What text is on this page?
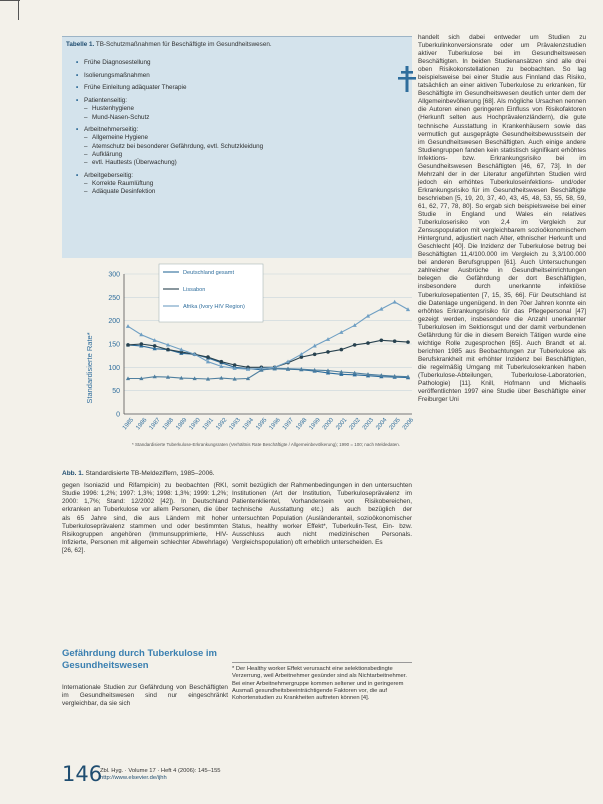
Tabelle 1. TB-Schutzmaßnahmen für Beschäftigte im Gesundheitswesen.
• Frühe Diagnosestellung
• Isolierungsmaßnahmen
• Frühe Einleitung adäquater Therapie
• Patientenseitig:
– Hustenhygiene
– Mund-Nasen-Schutz
• Arbeitnehmerseitig:
– Allgemeine Hygiene
– Atemschutz bei besonderer Gefährdung, evtl. Schutzkleidung
– Aufklärung
– evtl. Hauttests (Überwachung)
• Arbeitgeberseitig:
– Korrekte Raumlüftung
– Adäquate Desinfektion
0
50
100
150
200
250
300
1985 1986 1987 1988 1989 1990 1991 1992 1993 1994 1995 1996 1997 1998 1999 2000 2001 2002 2003 2004 2005 2006
Deutschland gesamt
Lissabon
Afrika (Ivory HIV Region)
Standardisierte Rate*
* Standardisierte Tuberkulose-Erkrankungsraten (Verhältnis Rate Beschäftigte / Allgemeinbevölkerung); 1990 = 100; nach Meldedaten.
Abb. 1. Standardisierte TB-Meldeziffern, 1985–2006.

gegen Isoniazid und Rifampicin) zu beobachten (RKI, Studie 1996: 1,2%; 1997: 1,3%; 1998: 1,3%; 1999: 1,2%; 2000: 1,7%; Stand: 12/2002 [42]). In Deutschland erkranken an Tuberkulose vor allem Personen, die über als 65 Jahre sind, die aus Ländern mit hoher Tuberkuloseprävalenz stammen und oder bestimmten Risikogruppen angehören (Immunsupprimierte, HIV-Infizierte, Personen mit allgemein schlechter Abwehrlage) [26, 62].

Gefährdung durch Tuberkulose im Gesundheitswesen

Internationale Studien zur Gefährdung von Beschäftigten im Gesundheitswesen sind nur eingeschränkt vergleichbar, da sie sich

somit bezüglich der Rahmenbedingungen in den untersuchten Institutionen (Art der Institution, Tuberkuloseprävalenz im Patientenklientel, Vorhandensein von Risikobereichen, technische Ausstattung etc.) als auch bezüglich der untersuchten Population (Ausländeranteil, sozioökonomischer Status, healthy worker Effekt*, Tuberkulin-Test, Ein- bzw. Ausschluss auch nicht medizinischen Personals. Vergleichspopulation) oft erheblich unterscheiden. Es

* Der Healthy worker Effekt verursacht eine selektionsbedingte Verzerrung, weil Arbeitnehmer gesünder sind als Nichtarbeitnehmer. Bei einer Arbeitnehmergruppe kommen seltener und in geringerem Ausmaß gesundheitsbeeinträchtigende Faktoren vor, die auf Kohortenstudien zu Krankheiten auftreten können [4].

handelt sich dabei entweder um Studien zu Tuberkulinkonversionsrate oder um Prävalenzstudien aktiver Tuberkulose bei im Gesundheitswesen Beschäftigten. In beiden Studienansätzen sind alle drei oben Risikokonstellationen zu beobachten. So lag beispielsweise bei einer Studie aus Finnland das Risiko, tatsächlich an einer aktiven Tuberkulose zu erkranken, für Beschäftigte im Gesundheitswesen deutlich unter dem der Allgemeinbevölkerung [68]. Als mögliche Ursachen nennen die Autoren einen geringeren Einfluss von Risikofaktoren (Herkunft selten aus Hochprävalenzländern), die gute technische Ausstattung in Krankenhäusern sowie das vermutlich gut ausgeprägte Gesundheitsbewusstsein der im Gesundheitswesen Beschäftigten. Auch einige andere Studiengruppen fanden kein statistisch signifikant erhöhtes Infektions- bzw. Erkrankungsrisiko bei im Gesundheitswesen Beschäftigten [46, 67, 73]. In der Mehrzahl der in der Literatur angeführten Studien wird jedoch ein erhöhtes Tuberkuloseinfektions- und/oder Erkrankungsrisiko für im Gesundheitswesen Beschäftigte beschrieben [5, 19, 20, 37, 40, 43, 45, 48, 53, 55, 58, 59, 61, 62, 77, 78, 80]. So ergab sich beispielsweise bei einer Studie in England und Wales ein relatives Tuberkuloserisiko von 2,4 im Vergleich zur Zensuspopulation mit vergleichbarem sozioökonomischem Hintergrund, adjustiert nach Alter, ethnischer Herkunft und Geschlecht [40]. Die Inzidenz der Tuberkulose betrug bei Beschäftigten 11,4/100.000 im Vergleich zu 3,3/100.000 bei anderen Berufsgruppen [61]. Auch Untersuchungen zahlreicher Ausbrüche in Gesundheitseinrichtungen belegen die Gefährdung der dort Beschäftigten, insbesondere durch unerkannte infektiöse Tuberkulosepatienten [7, 15, 35, 66]. Für Deutschland ist die Datenlage ungenügend. In den 70er Jahren konnte ein erhöhtes Erkrankungsrisiko für das Pflegepersonal [47] gezeigt werden, insbesondere die Anzahl unerkannter Tuberkulosen im Sektionsgut und der damit verbundenen Gefährdung für die in diesem Bereich Tätigen wurde eine wichtige Rolle zugesprochen [65]. Auch Brandt et al. berichten 1985 aus Beobachtungen zur Tuberkulose als Berufskrankheit mit erhöhter Inzidenz bei Beschäftigten, die regelmäßig Umgang mit Tuberkulosekranken haben (Tuberkulose-Abteilungen, Tuberkulose-Laboratorien, Pathologie) [11]. Knill, Hofmann und Michaelis veröffentlichten 1997 eine Studie über Beschäftigte einer Freiburger Uni

146
Zbl. Hyg. · Volume 17 · Heft 4 (2006): 145–155
http://www.elsevier.de/ijhh
